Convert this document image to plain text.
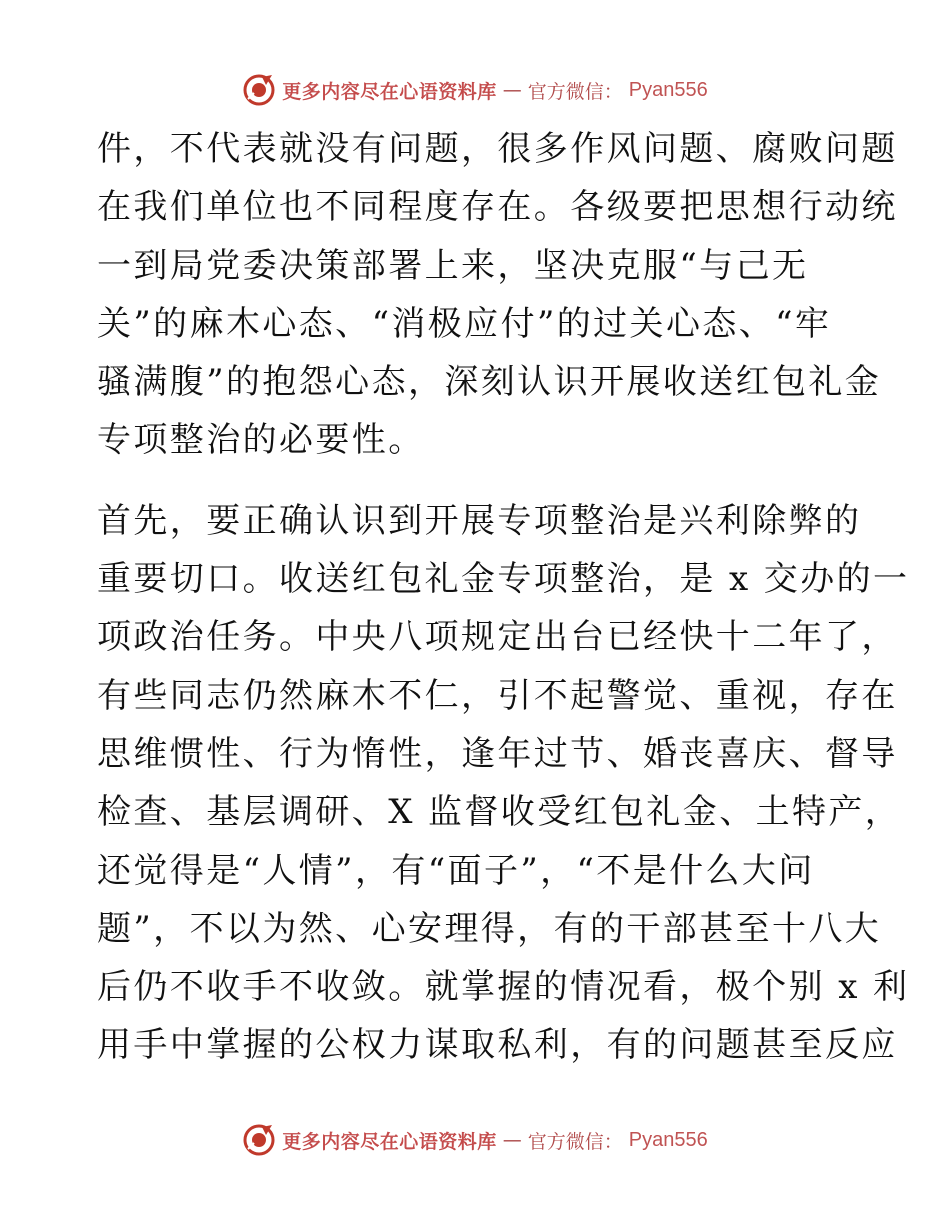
更多内容尽在心语资料库 — 官方微信： Pyan556

件，不代表就没有问题，很多作风问题、腐败问题
在我们单位也不同程度存在。各级要把思想行动统
一到局党委决策部署上来，坚决克服“与己无
关”的麻木心态、“消极应付”的过关心态、“牢
骚满腹”的抱怨心态，深刻认识开展收送红包礼金
专项整治的必要性。

首先，要正确认识到开展专项整治是兴利除弊的
重要切口。收送红包礼金专项整治，是 x 交办的一
项政治任务。中央八项规定出台已经快十二年了，
有些同志仍然麻木不仁，引不起警觉、重视，存在
思维惯性、行为惰性，逢年过节、婚丧喜庆、督导
检查、基层调研、X 监督收受红包礼金、土特产，
还觉得是“人情”，有“面子”，“不是什么大问
题”，不以为然、心安理得，有的干部甚至十八大
后仍不收手不收敛。就掌握的情况看，极个别 x 利
用手中掌握的公权力谋取私利，有的问题甚至反应

更多内容尽在心语资料库 — 官方微信： Pyan556
